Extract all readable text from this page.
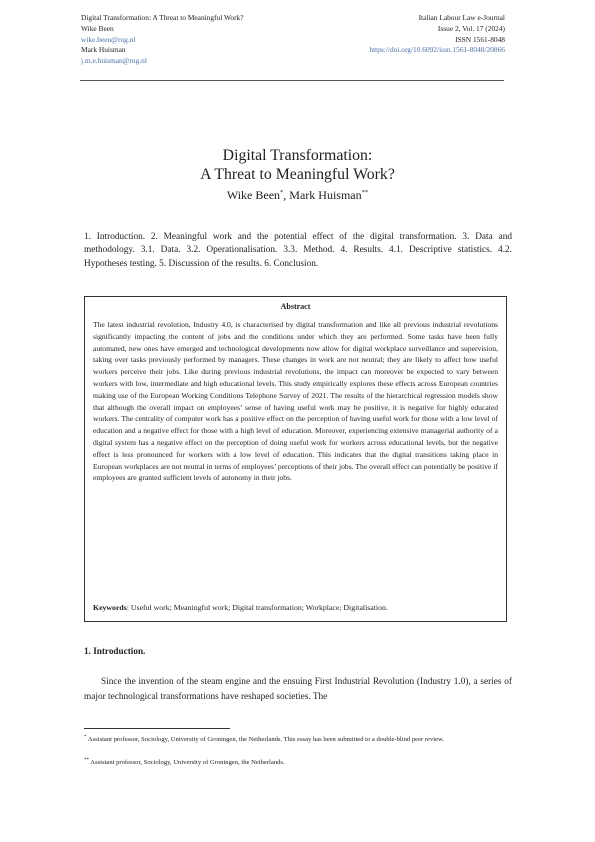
Digital Transformation: A Threat to Meaningful Work?
Wike Been
wike.been@rug.nl
Mark Huisman
j.m.e.huisman@rug.nl
Italian Labour Law e-Journal
Issue 2, Vol. 17 (2024)
ISSN 1561-8048
https://doi.org/10.6092/issn.1561-8048/20866
Digital Transformation:
A Threat to Meaningful Work?
Wike Been*, Mark Huisman**
1. Introduction. 2. Meaningful work and the potential effect of the digital transformation. 3. Data and methodology. 3.1. Data. 3.2. Operationalisation. 3.3. Method. 4. Results. 4.1. Descriptive statistics. 4.2. Hypotheses testing. 5. Discussion of the results. 6. Conclusion.
Abstract
The latest industrial revolution, Industry 4.0, is characterised by digital transformation and like all previous industrial revolutions significantly impacting the content of jobs and the conditions under which they are performed. Some tasks have been fully automated, new ones have emerged and technological developments now allow for digital workplace surveillance and supervision, taking over tasks previously performed by managers. These changes in work are not neutral; they are likely to affect how useful workers perceive their jobs. Like during previous industrial revolutions, the impact can moreover be expected to vary between workers with low, intermediate and high educational levels. This study empirically explores these effects across European countries making use of the European Working Conditions Telephone Survey of 2021. The results of the hierarchical regression models show that although the overall impact on employees’ sense of having useful work may be positive, it is negative for highly educated workers. The centrality of computer work has a positive effect on the perception of having useful work for those with a low level of education and a negative effect for those with a high level of education. Moreover, experiencing extensive managerial authority of a digital system has a negative effect on the perception of doing useful work for workers across educational levels, but the negative effect is less pronounced for workers with a low level of education. This indicates that the digital transitions taking place in European workplaces are not neutral in terms of employees’ perceptions of their jobs. The overall effect can potentially be positive if employees are granted sufficient levels of autonomy in their jobs.
Keywords: Useful work; Meaningful work; Digital transformation; Workplace; Digitalisation.
1. Introduction.
Since the invention of the steam engine and the ensuing First Industrial Revolution (Industry 1.0), a series of major technological transformations have reshaped societies. The
* Assistant professor, Sociology, University of Groningen, the Netherlands. This essay has been submitted to a double-blind peer review.
** Assistant professor, Sociology, University of Groningen, the Netherlands.
